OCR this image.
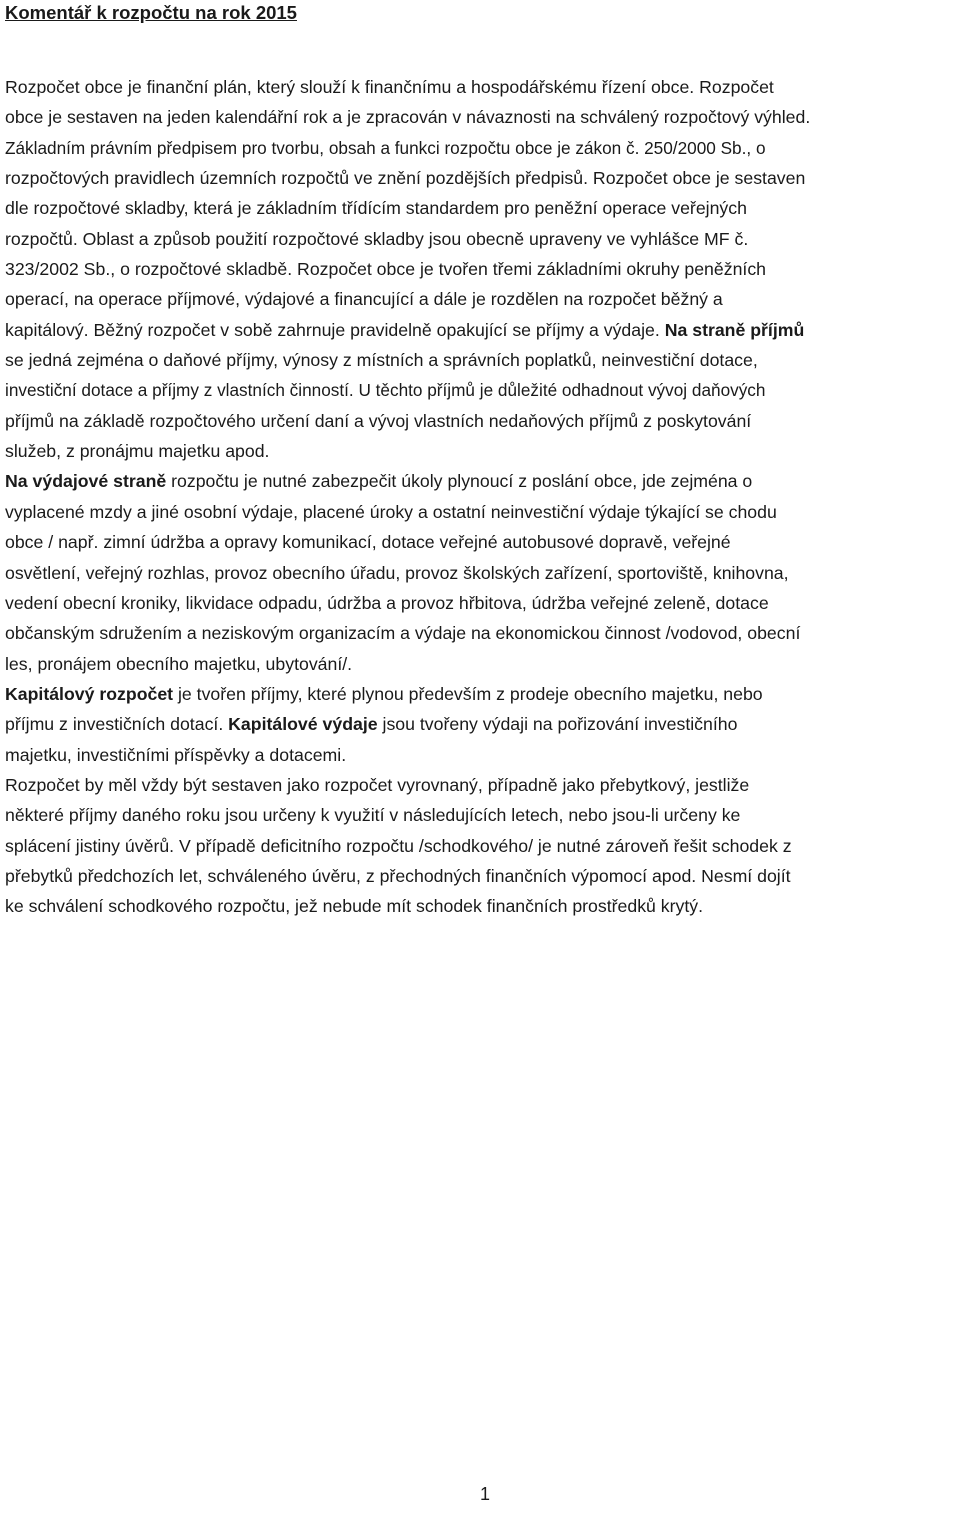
Komentář k rozpočtu na rok 2015
Rozpočet obce je finanční plán, který slouží k finančnímu a hospodářskému řízení obce. Rozpočet
obce je sestaven na jeden kalendářní rok a je zpracován v návaznosti na schválený rozpočtový výhled.
Základním právním předpisem pro tvorbu, obsah a funkci rozpočtu obce je zákon č. 250/2000 Sb., o
rozpočtových pravidlech územních rozpočtů ve znění pozdějších předpisů. Rozpočet obce je sestaven
dle rozpočtové skladby, která je základním třídícím standardem pro peněžní operace veřejných
rozpočtů. Oblast a způsob použití rozpočtové skladby jsou obecně upraveny ve vyhlášce MF č.
323/2002 Sb., o rozpočtové skladbě. Rozpočet obce je tvořen třemi základními okruhy peněžních
operací, na operace příjmové, výdajové a financující a dále je rozdělen na rozpočet běžný a
kapitálový. Běžný rozpočet v sobě zahrnuje pravidelně opakující se příjmy a výdaje. Na straně příjmů
se jedná zejména o daňové příjmy, výnosy z místních a správních poplatků, neinvestiční dotace,
investiční dotace a příjmy z vlastních činností. U těchto příjmů je důležité odhadnout vývoj daňových
příjmů na základě rozpočtového určení daní a vývoj vlastních nedaňových příjmů z poskytování
služeb, z pronájmu majetku apod.
Na výdajové straně rozpočtu je nutné zabezpečit úkoly plynoucí z poslání obce, jde zejména o
vyplacené mzdy a jiné osobní výdaje, placené úroky a ostatní neinvestiční výdaje týkající se chodu
obce / např. zimní údržba a opravy komunikací, dotace veřejné autobusové dopravě, veřejné
osvětlení, veřejný rozhlas, provoz obecního úřadu, provoz školských zařízení, sportoviště, knihovna,
vedení obecní kroniky, likvidace odpadu, údržba a provoz hřbitova, údržba veřejné zeleně, dotace
občanským sdružením a neziskovým organizacím a výdaje na ekonomickou činnost /vodovod, obecní
les, pronájem obecního majetku, ubytování/.
Kapitálový rozpočet je tvořen příjmy, které plynou především z prodeje obecního majetku, nebo
příjmu z investičních dotací. Kapitálové výdaje jsou tvořeny výdaji na pořizování investičního
majetku, investičními příspěvky a dotacemi.
Rozpočet by měl vždy být sestaven jako rozpočet vyrovnaný, případně jako přebytkový, jestliže
některé příjmy daného roku jsou určeny k využití v následujících letech, nebo jsou-li určeny ke
splácení jistiny úvěrů. V případě deficitního rozpočtu /schodkového/ je nutné zároveň řešit schodek z
přebytků předchozích let, schváleného úvěru, z přechodných finančních výpomocí apod. Nesmí dojít
ke schválení schodkového rozpočtu, jež nebude mít schodek finančních prostředků krytý.
1
